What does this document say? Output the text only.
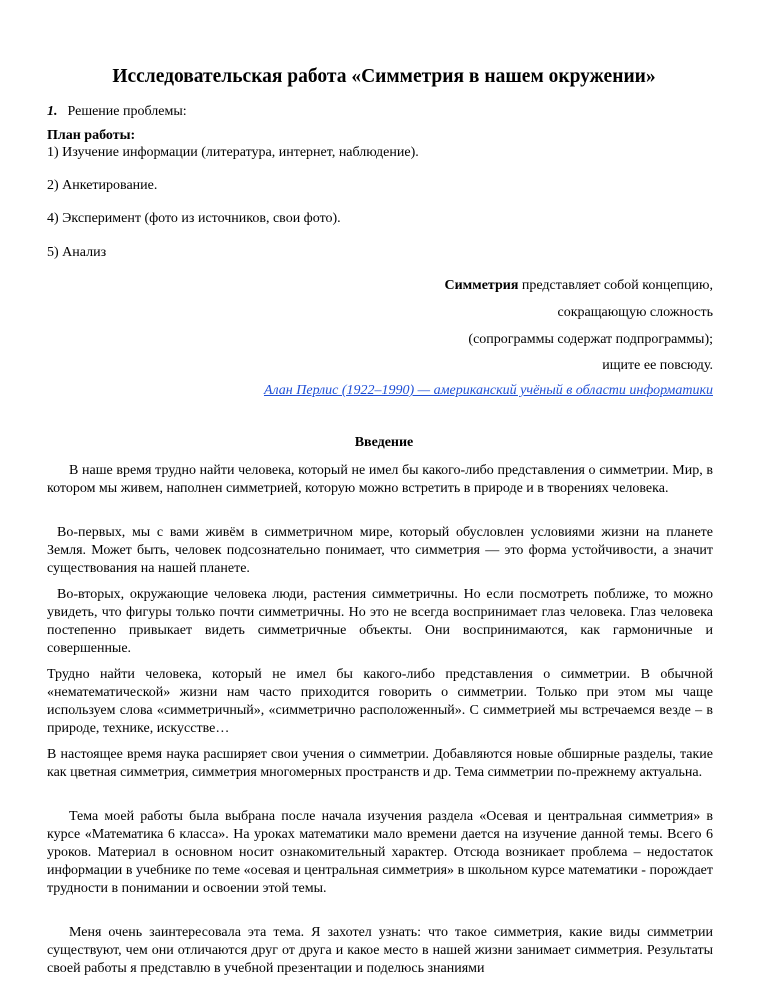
Исследовательская работа «Симметрия в нашем окружении»
1. Решение проблемы:
План работы:
1) Изучение информации (литература, интернет, наблюдение).
2) Анкетирование.
4) Эксперимент (фото из источников, свои фото).
5) Анализ
Симметрия представляет собой концепцию,
сокращающую сложность
(сопрограммы содержат подпрограммы);
ищите ее повсюду.
Алан Перлис (1922–1990) — американский учёный в области информатики
Введение
В наше время трудно найти человека, который не имел бы какого-либо представления о симметрии. Мир, в котором мы живем, наполнен симметрией, которую можно встретить в природе и в творениях человека.
Во-первых, мы с вами живём в симметричном мире, который обусловлен условиями жизни на планете Земля. Может быть, человек подсознательно понимает, что симметрия — это форма устойчивости, а значит существования на нашей планете.
Во-вторых, окружающие человека люди, растения симметричны. Но если посмотреть поближе, то можно увидеть, что фигуры только почти симметричны. Но это не всегда воспринимает глаз человека. Глаз человека постепенно привыкает видеть симметричные объекты. Они воспринимаются, как гармоничные и совершенные.
Трудно найти человека, который не имел бы какого-либо представления о симметрии. В обычной «нематематической» жизни нам часто приходится говорить о симметрии. Только при этом мы чаще используем слова «симметричный», «симметрично расположенный». С симметрией мы встречаемся везде – в природе, технике, искусстве…
В настоящее время наука расширяет свои учения о симметрии. Добавляются новые обширные разделы, такие как цветная симметрия, симметрия многомерных пространств и др. Тема симметрии по-прежнему актуальна.
Тема моей работы была выбрана после начала изучения раздела «Осевая и центральная симметрия» в курсе «Математика 6 класса». На уроках математики мало времени дается на изучение данной темы. Всего 6 уроков. Материал в основном носит ознакомительный характер. Отсюда возникает проблема – недостаток информации в учебнике по теме «осевая и центральная симметрия» в школьном курсе математики - порождает трудности в понимании и освоении этой темы.
Меня очень заинтересовала эта тема. Я захотел узнать: что такое симметрия, какие виды симметрии существуют, чем они отличаются друг от друга и какое место в нашей жизни занимает симметрия. Результаты своей работы я представлю в учебной презентации и поделюсь знаниями
